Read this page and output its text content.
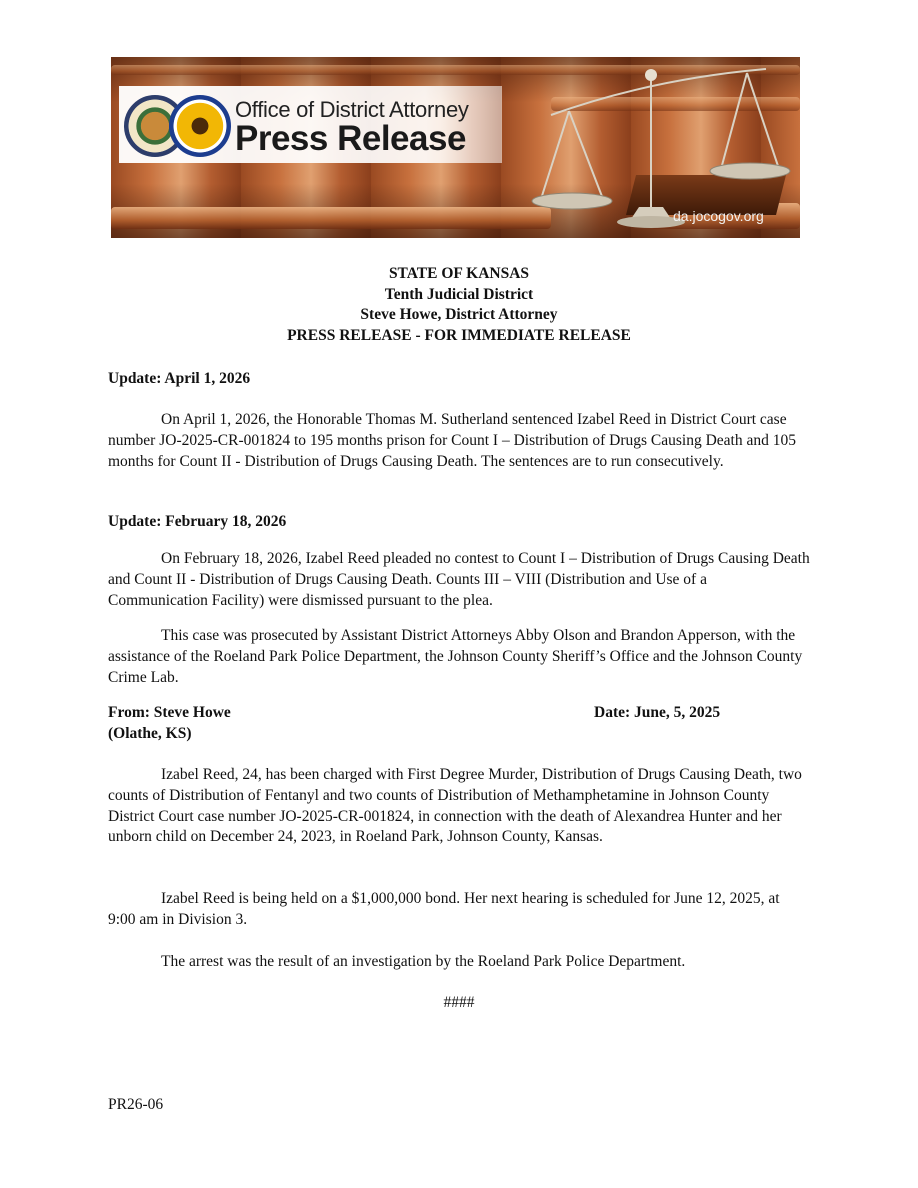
Office of District Attorney
Press Release
da.jocogov.org
STATE OF KANSAS
Tenth Judicial District
Steve Howe, District Attorney
PRESS RELEASE - FOR IMMEDIATE RELEASE
Update: April 1, 2026

On April 1, 2026, the Honorable Thomas M. Sutherland sentenced Izabel Reed in District Court case number JO-2025-CR-001824 to 195 months prison for Count I – Distribution of Drugs Causing Death and 105 months for Count II - Distribution of Drugs Causing Death. The sentences are to run consecutively.

Update: February 18, 2026

On February 18, 2026, Izabel Reed pleaded no contest to Count I – Distribution of Drugs Causing Death and Count II - Distribution of Drugs Causing Death. Counts III – VIII (Distribution and Use of a Communication Facility) were dismissed pursuant to the plea.

This case was prosecuted by Assistant District Attorneys Abby Olson and Brandon Apperson, with the assistance of the Roeland Park Police Department, the Johnson County Sheriff’s Office and the Johnson County Crime Lab.

From: Steve Howe	Date: June, 5, 2025
(Olathe, KS)

Izabel Reed, 24, has been charged with First Degree Murder, Distribution of Drugs Causing Death, two counts of Distribution of Fentanyl and two counts of Distribution of Methamphetamine in Johnson County District Court case number JO-2025-CR-001824, in connection with the death of Alexandrea Hunter and her unborn child on December 24, 2023, in Roeland Park, Johnson County, Kansas.

Izabel Reed is being held on a $1,000,000 bond. Her next hearing is scheduled for June 12, 2025, at 9:00 am in Division 3.

The arrest was the result of an investigation by the Roeland Park Police Department.

####
PR26-06
